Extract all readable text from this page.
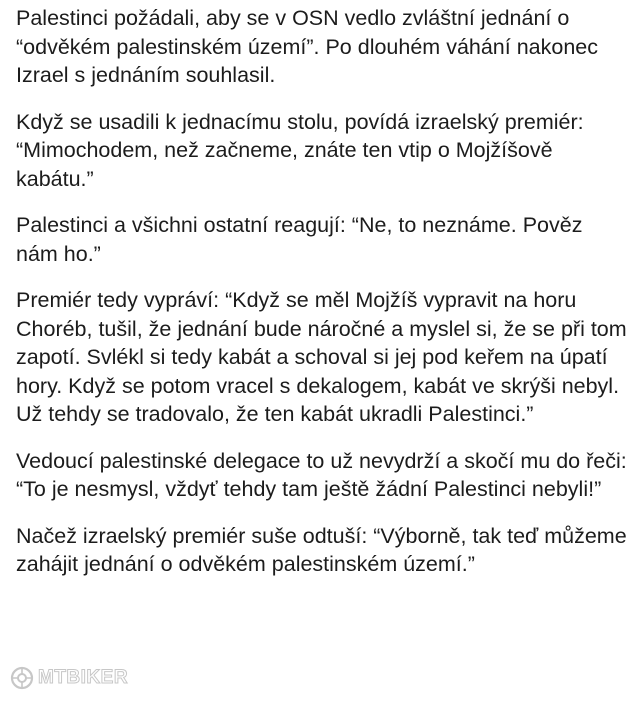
Palestinci požádali, aby se v OSN vedlo zvláštní jednání o “odvěkém palestinském území”. Po dlouhém váhání nakonec Izrael s jednáním souhlasil.

Když se usadili k jednacímu stolu, povídá izraelský premiér: “Mimochodem, než začneme, znáte ten vtip o Mojžíšově kabátu.”

Palestinci a všichni ostatní reagují: “Ne, to neznáme. Pověz nám ho.”

Premiér tedy vypráví: “Když se měl Mojžíš vypravit na horu Choréb, tušil, že jednání bude náročné a myslel si, že se při tom zapotí. Svlékl si tedy kabát a schoval si jej pod keřem na úpatí hory. Když se potom vracel s dekalogem, kabát ve skrýši nebyl. Už tehdy se tradovalo, že ten kabát ukradli Palestinci.”

Vedoucí palestinské delegace to už nevydrží a skočí mu do řeči: “To je nesmysl, vždyť tehdy tam ještě žádní Palestinci nebyli!”

Načež izraelský premiér suše odtuší: “Výborně, tak teď můžeme zahájit jednání o odvěkém palestinském území.”

MTBIKER
